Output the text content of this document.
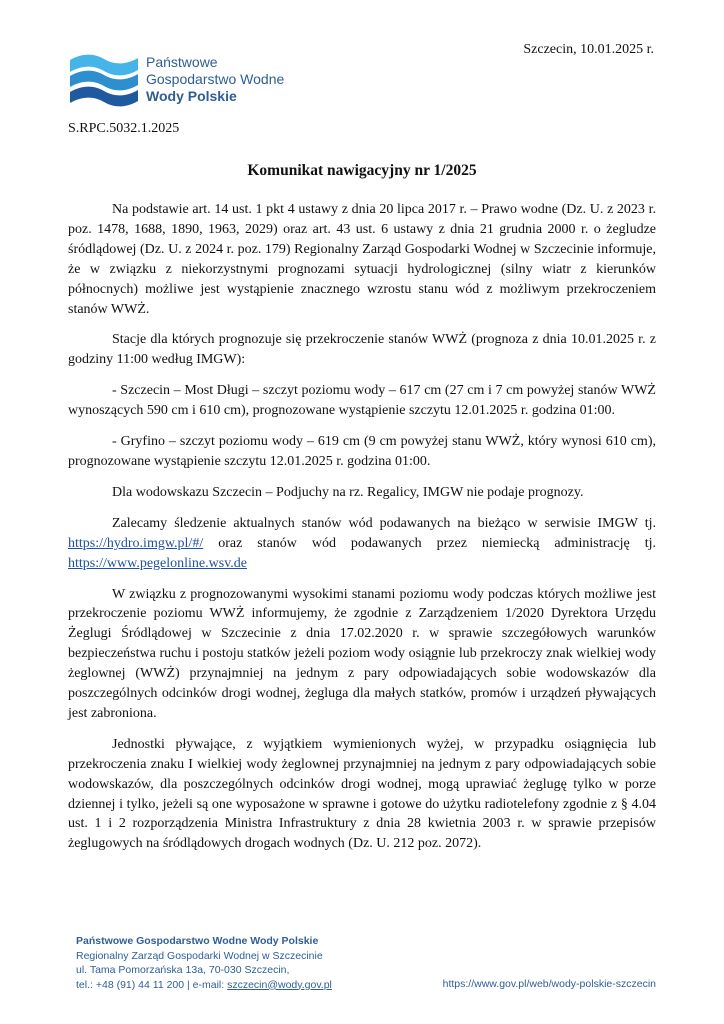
Państwowe
Gospodarstwo Wodne
Wody Polskie
Szczecin, 10.01.2025 r.
S.RPC.5032.1.2025
Komunikat nawigacyjny nr 1/2025

Na podstawie art. 14 ust. 1 pkt 4 ustawy z dnia 20 lipca 2017 r. – Prawo wodne (Dz. U. z 2023 r. poz. 1478, 1688, 1890, 1963, 2029) oraz art. 43 ust. 6 ustawy z dnia 21 grudnia 2000 r. o żegludze śródlądowej (Dz. U. z 2024 r. poz. 179) Regionalny Zarząd Gospodarki Wodnej w Szczecinie informuje, że w związku z niekorzystnymi prognozami sytuacji hydrologicznej (silny wiatr z kierunków północnych) możliwe jest wystąpienie znacznego wzrostu stanu wód z możliwym przekroczeniem stanów WWŻ.

Stacje dla których prognozuje się przekroczenie stanów WWŻ (prognoza z dnia 10.01.2025 r. z godziny 11:00 według IMGW):

- Szczecin – Most Długi – szczyt poziomu wody – 617 cm (27 cm i 7 cm powyżej stanów WWŻ wynoszących 590 cm i 610 cm), prognozowane wystąpienie szczytu 12.01.2025 r. godzina 01:00.

- Gryfino – szczyt poziomu wody – 619 cm (9 cm powyżej stanu WWŻ, który wynosi 610 cm), prognozowane wystąpienie szczytu 12.01.2025 r. godzina 01:00.

Dla wodowskazu Szczecin – Podjuchy na rz. Regalicy, IMGW nie podaje prognozy.

Zalecamy śledzenie aktualnych stanów wód podawanych na bieżąco w serwisie IMGW tj. https://hydro.imgw.pl/#/ oraz stanów wód podawanych przez niemiecką administrację tj. https://www.pegelonline.wsv.de

W związku z prognozowanymi wysokimi stanami poziomu wody podczas których możliwe jest przekroczenie poziomu WWŻ informujemy, że zgodnie z Zarządzeniem 1/2020 Dyrektora Urzędu Żeglugi Śródlądowej w Szczecinie z dnia 17.02.2020 r. w sprawie szczegółowych warunków bezpieczeństwa ruchu i postoju statków jeżeli poziom wody osiągnie lub przekroczy znak wielkiej wody żeglownej (WWŻ) przynajmniej na jednym z pary odpowiadających sobie wodowskazów dla poszczególnych odcinków drogi wodnej, żegluga dla małych statków, promów i urządzeń pływających jest zabroniona.

Jednostki pływające, z wyjątkiem wymienionych wyżej, w przypadku osiągnięcia lub przekroczenia znaku I wielkiej wody żeglownej przynajmniej na jednym z pary odpowiadających sobie wodowskazów, dla poszczególnych odcinków drogi wodnej, mogą uprawiać żeglugę tylko w porze dziennej i tylko, jeżeli są one wyposażone w sprawne i gotowe do użytku radiotelefony zgodnie z § 4.04 ust. 1 i 2 rozporządzenia Ministra Infrastruktury z dnia 28 kwietnia 2003 r. w sprawie przepisów żeglugowych na śródlądowych drogach wodnych (Dz. U. 212 poz. 2072).

Państwowe Gospodarstwo Wodne Wody Polskie
Regionalny Zarząd Gospodarki Wodnej w Szczecinie
ul. Tama Pomorzańska 13a, 70-030 Szczecin,
tel.: +48 (91) 44 11 200 | e-mail: szczecin@wody.gov.pl	https://www.gov.pl/web/wody-polskie-szczecin
